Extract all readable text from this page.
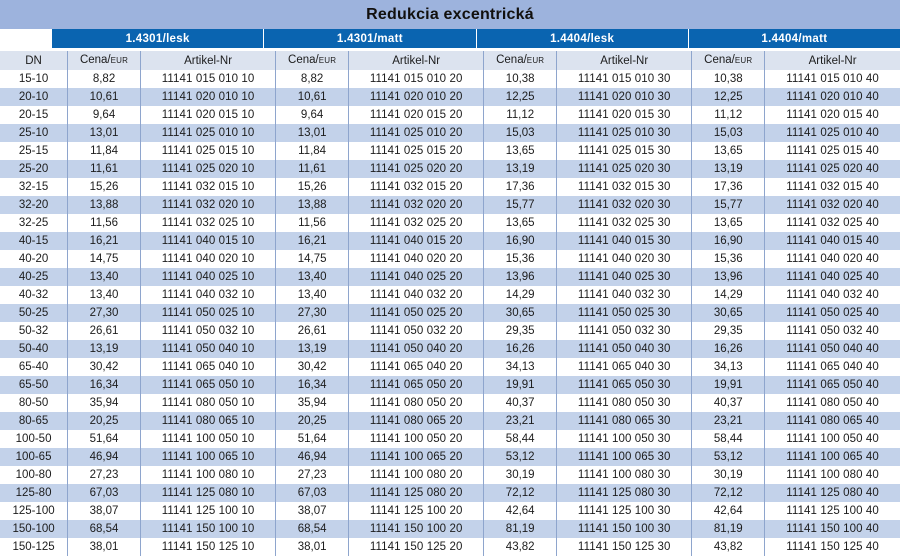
Redukcia excentrická
1.4301/lesk	1.4301/matt	1.4404/lesk	1.4404/matt
DN	Cena/EUR	Artikel-Nr	Cena/EUR	Artikel-Nr	Cena/EUR	Artikel-Nr	Cena/EUR	Artikel-Nr
15-10	8,82	11141 015 010 10	8,82	11141 015 010 20	10,38	11141 015 010 30	10,38	11141 015 010 40
20-10	10,61	11141 020 010 10	10,61	11141 020 010 20	12,25	11141 020 010 30	12,25	11141 020 010 40
20-15	9,64	11141 020 015 10	9,64	11141 020 015 20	11,12	11141 020 015 30	11,12	11141 020 015 40
25-10	13,01	11141 025 010 10	13,01	11141 025 010 20	15,03	11141 025 010 30	15,03	11141 025 010 40
25-15	11,84	11141 025 015 10	11,84	11141 025 015 20	13,65	11141 025 015 30	13,65	11141 025 015 40
25-20	11,61	11141 025 020 10	11,61	11141 025 020 20	13,19	11141 025 020 30	13,19	11141 025 020 40
32-15	15,26	11141 032 015 10	15,26	11141 032 015 20	17,36	11141 032 015 30	17,36	11141 032 015 40
32-20	13,88	11141 032 020 10	13,88	11141 032 020 20	15,77	11141 032 020 30	15,77	11141 032 020 40
32-25	11,56	11141 032 025 10	11,56	11141 032 025 20	13,65	11141 032 025 30	13,65	11141 032 025 40
40-15	16,21	11141 040 015 10	16,21	11141 040 015 20	16,90	11141 040 015 30	16,90	11141 040 015 40
40-20	14,75	11141 040 020 10	14,75	11141 040 020 20	15,36	11141 040 020 30	15,36	11141 040 020 40
40-25	13,40	11141 040 025 10	13,40	11141 040 025 20	13,96	11141 040 025 30	13,96	11141 040 025 40
40-32	13,40	11141 040 032 10	13,40	11141 040 032 20	14,29	11141 040 032 30	14,29	11141 040 032 40
50-25	27,30	11141 050 025 10	27,30	11141 050 025 20	30,65	11141 050 025 30	30,65	11141 050 025 40
50-32	26,61	11141 050 032 10	26,61	11141 050 032 20	29,35	11141 050 032 30	29,35	11141 050 032 40
50-40	13,19	11141 050 040 10	13,19	11141 050 040 20	16,26	11141 050 040 30	16,26	11141 050 040 40
65-40	30,42	11141 065 040 10	30,42	11141 065 040 20	34,13	11141 065 040 30	34,13	11141 065 040 40
65-50	16,34	11141 065 050 10	16,34	11141 065 050 20	19,91	11141 065 050 30	19,91	11141 065 050 40
80-50	35,94	11141 080 050 10	35,94	11141 080 050 20	40,37	11141 080 050 30	40,37	11141 080 050 40
80-65	20,25	11141 080 065 10	20,25	11141 080 065 20	23,21	11141 080 065 30	23,21	11141 080 065 40
100-50	51,64	11141 100 050 10	51,64	11141 100 050 20	58,44	11141 100 050 30	58,44	11141 100 050 40
100-65	46,94	11141 100 065 10	46,94	11141 100 065 20	53,12	11141 100 065 30	53,12	11141 100 065 40
100-80	27,23	11141 100 080 10	27,23	11141 100 080 20	30,19	11141 100 080 30	30,19	11141 100 080 40
125-80	67,03	11141 125 080 10	67,03	11141 125 080 20	72,12	11141 125 080 30	72,12	11141 125 080 40
125-100	38,07	11141 125 100 10	38,07	11141 125 100 20	42,64	11141 125 100 30	42,64	11141 125 100 40
150-100	68,54	11141 150 100 10	68,54	11141 150 100 20	81,19	11141 150 100 30	81,19	11141 150 100 40
150-125	38,01	11141 150 125 10	38,01	11141 150 125 20	43,82	11141 150 125 30	43,82	11141 150 125 40
